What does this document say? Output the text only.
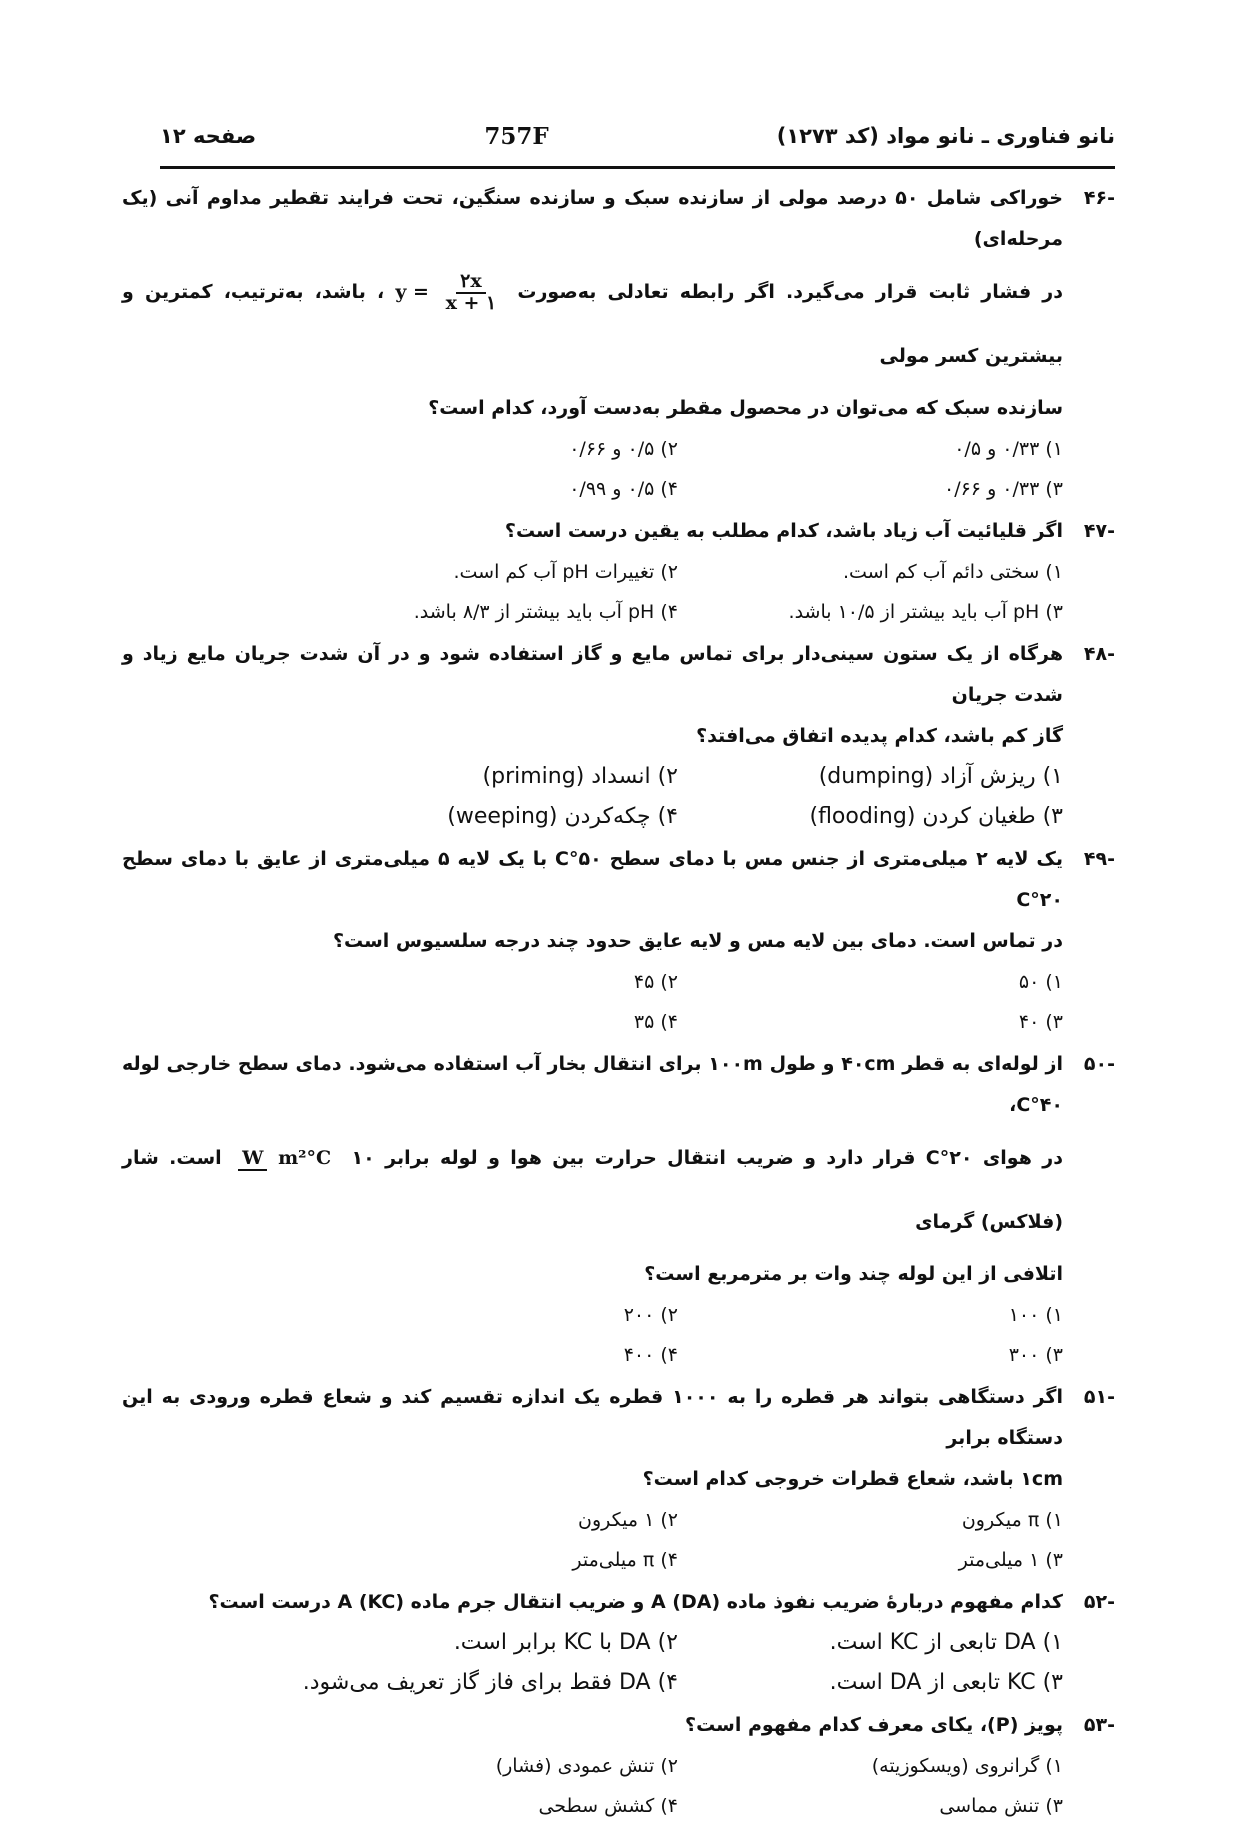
نانو فناوری ـ نانو مواد (کد ۱۲۷۳)
757F
صفحه ۱۲
-۴۶

خوراکی شامل ۵۰ درصد مولی از سازنده سبک و سازنده سنگین، تحت فرایند تقطیر مداوم آنی (یک مرحله‌ای)

در فشار ثابت قرار می‌گیرد. اگر رابطه تعادلی به‌صورت $y = \frac{۲x}{x + ۱}$
، باشد، به‌ترتیب، کمترین و بیشترین کسر مولی

سازنده سبک که می‌توان در محصول مقطر به‌دست آورد، کدام است؟

۱) ۰/۳۳ و ۰/۵
۲) ۰/۵ و ۰/۶۶
۳) ۰/۳۳ و ۰/۶۶
۴) ۰/۵ و ۰/۹۹
-۴۷

اگر قلیائیت آب زیاد باشد، کدام مطلب به یقین درست است؟

۱) سختی دائم آب کم است.
۲) تغییرات pH آب کم است.
۳) pH آب باید بیشتر از ۱۰/۵ باشد.
۴) pH آب باید بیشتر از ۸/۳ باشد.
-۴۸

هرگاه از یک ستون سینی‌دار برای تماس مایع و گاز استفاده شود و در آن شدت جریان مایع زیاد و شدت جریان

گاز کم باشد، کدام پدیده اتفاق می‌افتد؟

۱) ریزش آزاد (dumping)
۲) انسداد (priming)
۳) طغیان کردن (flooding)
۴) چکه‌کردن (weeping)
-۴۹

یک لایه ۲ میلی‌متری از جنس مس با دمای سطح ۵۰°C با یک لایه ۵ میلی‌متری از عایق با دمای سطح ۲۰°C

در تماس است. دمای بین لایه مس و لایه عایق حدود چند درجه سلسیوس است؟

۱) ۵۰
۲) ۴۵
۳) ۴۰
۴) ۳۵
-۵۰

از لوله‌ای به قطر ۴۰cm و طول ۱۰۰m برای انتقال بخار آب استفاده می‌شود. دمای سطح خارجی لوله ۴۰°C،

در هوای ۲۰°C قرار دارد و ضریب انتقال حرارت بین هوا و لوله برابر ۱۰ W m²°C است. شار (فلاکس) گرمای

اتلافی از این لوله چند وات بر مترمربع است؟

۱) ۱۰۰
۲) ۲۰۰
۳) ۳۰۰
۴) ۴۰۰
-۵۱

اگر دستگاهی بتواند هر قطره را به ۱۰۰۰ قطره یک اندازه تقسیم کند و شعاع قطره ورودی به این دستگاه برابر

۱cm باشد، شعاع قطرات خروجی کدام است؟

۱) π میکرون
۲) ۱ میکرون
۳) ۱ میلی‌متر
۴) π میلی‌متر
-۵۲

کدام مفهوم دربارهٔ ضریب نفوذ ماده A (DA) و ضریب انتقال جرم ماده A (KC) درست است؟

۱) DA تابعی از KC است.
۲) DA با KC برابر است.
۳) KC تابعی از DA است.
۴) DA فقط برای فاز گاز تعریف می‌شود.
-۵۳

پویز (P)، یکای معرف کدام مفهوم است؟

۱) گرانروی (ویسکوزیته)
۲) تنش عمودی (فشار)
۳) تنش مماسی
۴) کشش سطحی
